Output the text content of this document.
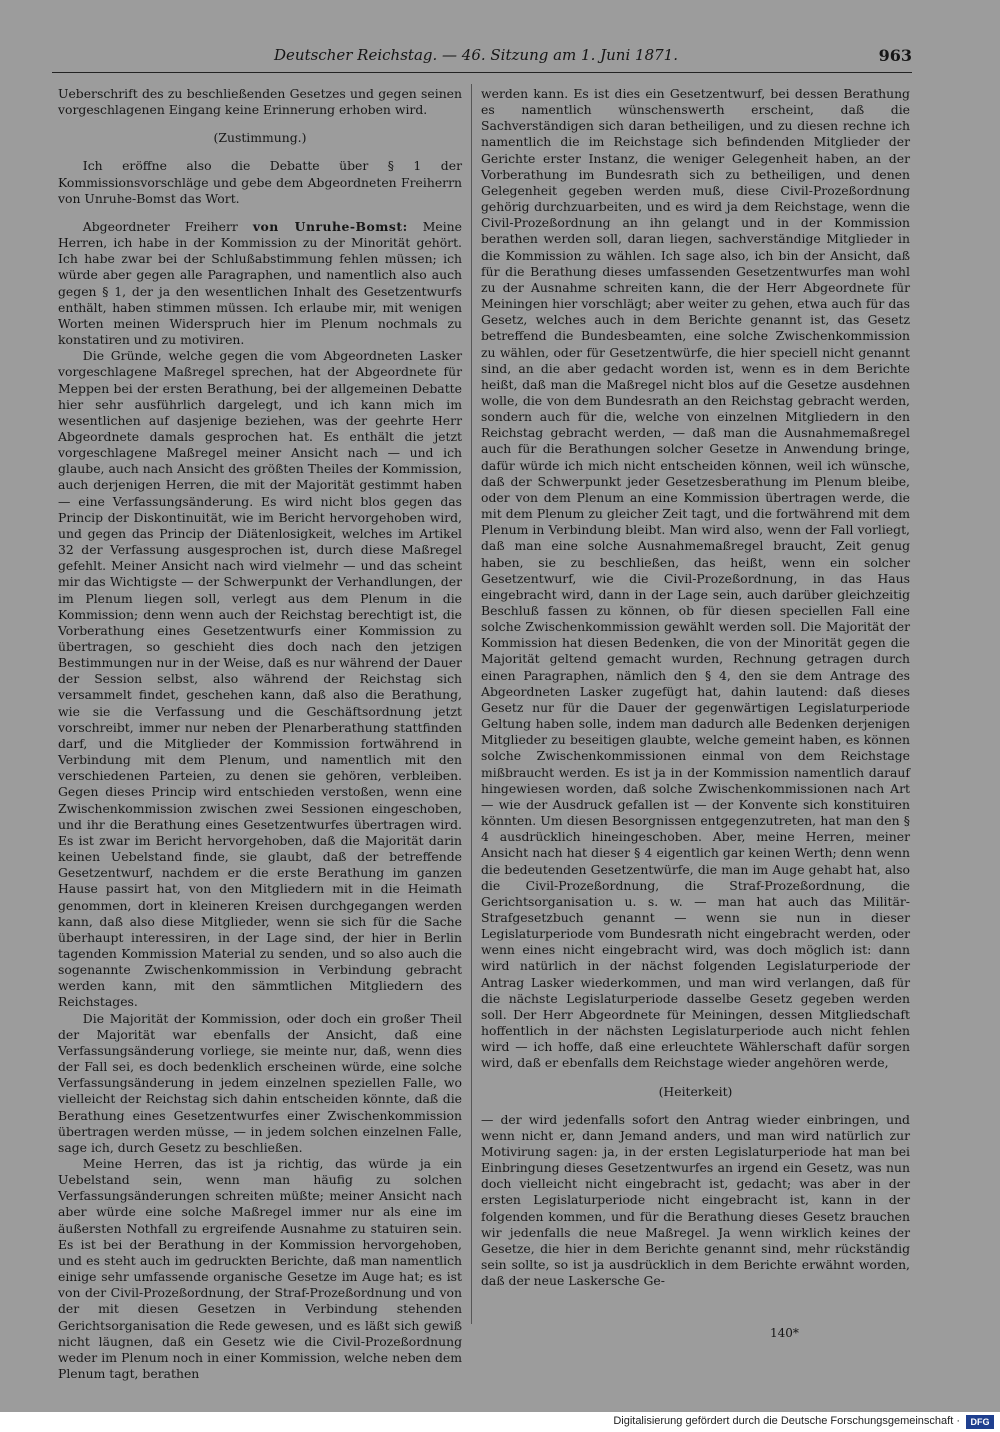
Deutscher Reichstag. — 46. Sitzung am 1. Juni 1871.	963

Ueberschrift des zu beschließenden Gesetzes und gegen seinen vorgeschlagenen Eingang keine Erinnerung erhoben wird.

(Zustimmung.)

Ich eröffne also die Debatte über § 1 der Kommissionsvorschläge und gebe dem Abgeordneten Freiherrn von Unruhe-Bomst das Wort.

Abgeordneter Freiherr von Unruhe-Bomst: Meine Herren, ich habe in der Kommission zu der Minorität gehört. Ich habe zwar bei der Schlußabstimmung fehlen müssen; ich würde aber gegen alle Paragraphen, und namentlich also auch gegen § 1, der ja den wesentlichen Inhalt des Gesetzentwurfs enthält, haben stimmen müssen. Ich erlaube mir, mit wenigen Worten meinen Widerspruch hier im Plenum nochmals zu konstatiren und zu motiviren.

Die Gründe, welche gegen die vom Abgeordneten Lasker vorgeschlagene Maßregel sprechen, hat der Abgeordnete für Meppen bei der ersten Berathung, bei der allgemeinen Debatte hier sehr ausführlich dargelegt, und ich kann mich im wesentlichen auf dasjenige beziehen, was der geehrte Herr Abgeordnete damals gesprochen hat. Es enthält die jetzt vorgeschlagene Maßregel meiner Ansicht nach — und ich glaube, auch nach Ansicht des größten Theiles der Kommission, auch derjenigen Herren, die mit der Majorität gestimmt haben — eine Verfassungsänderung. Es wird nicht blos gegen das Princip der Diskontinuität, wie im Bericht hervorgehoben wird, und gegen das Princip der Diätenlosigkeit, welches im Artikel 32 der Verfassung ausgesprochen ist, durch diese Maßregel gefehlt. Meiner Ansicht nach wird vielmehr — und das scheint mir das Wichtigste — der Schwerpunkt der Verhandlungen, der im Plenum liegen soll, verlegt aus dem Plenum in die Kommission; denn wenn auch der Reichstag berechtigt ist, die Vorberathung eines Gesetzentwurfs einer Kommission zu übertragen, so geschieht dies doch nach den jetzigen Bestimmungen nur in der Weise, daß es nur während der Dauer der Session selbst, also während der Reichstag sich versammelt findet, geschehen kann, daß also die Berathung, wie sie die Verfassung und die Geschäftsordnung jetzt vorschreibt, immer nur neben der Plenarberathung stattfinden darf, und die Mitglieder der Kommission fortwährend in Verbindung mit dem Plenum, und namentlich mit den verschiedenen Parteien, zu denen sie gehören, verbleiben. Gegen dieses Princip wird entschieden verstoßen, wenn eine Zwischenkommission zwischen zwei Sessionen eingeschoben, und ihr die Berathung eines Gesetzentwurfes übertragen wird. Es ist zwar im Bericht hervorgehoben, daß die Majorität darin keinen Uebelstand finde, sie glaubt, daß der betreffende Gesetzentwurf, nachdem er die erste Berathung im ganzen Hause passirt hat, von den Mitgliedern mit in die Heimath genommen, dort in kleineren Kreisen durchgegangen werden kann, daß also diese Mitglieder, wenn sie sich für die Sache überhaupt interessiren, in der Lage sind, der hier in Berlin tagenden Kommission Material zu senden, und so also auch die sogenannte Zwischenkommission in Verbindung gebracht werden kann, mit den sämmtlichen Mitgliedern des Reichstages.

Die Majorität der Kommission, oder doch ein großer Theil der Majorität war ebenfalls der Ansicht, daß eine Verfassungsänderung vorliege, sie meinte nur, daß, wenn dies der Fall sei, es doch bedenklich erscheinen würde, eine solche Verfassungsänderung in jedem einzelnen speziellen Falle, wo vielleicht der Reichstag sich dahin entscheiden könnte, daß die Berathung eines Gesetzentwurfes einer Zwischenkommission übertragen werden müsse, — in jedem solchen einzelnen Falle, sage ich, durch Gesetz zu beschließen.

Meine Herren, das ist ja richtig, das würde ja ein Uebelstand sein, wenn man häufig zu solchen Verfassungsänderungen schreiten müßte; meiner Ansicht nach aber würde eine solche Maßregel immer nur als eine im äußersten Nothfall zu ergreifende Ausnahme zu statuiren sein. Es ist bei der Berathung in der Kommission hervorgehoben, und es steht auch im gedruckten Berichte, daß man namentlich einige sehr umfassende organische Gesetze im Auge hat; es ist von der Civil-Prozeßordnung, der Straf-Prozeßordnung und von der mit diesen Gesetzen in Verbindung stehenden Gerichtsorganisation die Rede gewesen, und es läßt sich gewiß nicht läugnen, daß ein Gesetz wie die Civil-Prozeßordnung weder im Plenum noch in einer Kommission, welche neben dem Plenum tagt, berathen

werden kann. Es ist dies ein Gesetzentwurf, bei dessen Berathung es namentlich wünschenswerth erscheint, daß die Sachverständigen sich daran betheiligen, und zu diesen rechne ich namentlich die im Reichstage sich befindenden Mitglieder der Gerichte erster Instanz, die weniger Gelegenheit haben, an der Vorberathung im Bundesrath sich zu betheiligen, und denen Gelegenheit gegeben werden muß, diese Civil-Prozeßordnung gehörig durchzuarbeiten, und es wird ja dem Reichstage, wenn die Civil-Prozeßordnung an ihn gelangt und in der Kommission berathen werden soll, daran liegen, sachverständige Mitglieder in die Kommission zu wählen. Ich sage also, ich bin der Ansicht, daß für die Berathung dieses umfassenden Gesetzentwurfes man wohl zu der Ausnahme schreiten kann, die der Herr Abgeordnete für Meiningen hier vorschlägt; aber weiter zu gehen, etwa auch für das Gesetz, welches auch in dem Berichte genannt ist, das Gesetz betreffend die Bundesbeamten, eine solche Zwischenkommission zu wählen, oder für Gesetzentwürfe, die hier speciell nicht genannt sind, an die aber gedacht worden ist, wenn es in dem Berichte heißt, daß man die Maßregel nicht blos auf die Gesetze ausdehnen wolle, die von dem Bundesrath an den Reichstag gebracht werden, sondern auch für die, welche von einzelnen Mitgliedern in den Reichstag gebracht werden, — daß man die Ausnahmemaßregel auch für die Berathungen solcher Gesetze in Anwendung bringe, dafür würde ich mich nicht entscheiden können, weil ich wünsche, daß der Schwerpunkt jeder Gesetzesberathung im Plenum bleibe, oder von dem Plenum an eine Kommission übertragen werde, die mit dem Plenum zu gleicher Zeit tagt, und die fortwährend mit dem Plenum in Verbindung bleibt. Man wird also, wenn der Fall vorliegt, daß man eine solche Ausnahmemaßregel braucht, Zeit genug haben, sie zu beschließen, das heißt, wenn ein solcher Gesetzentwurf, wie die Civil-Prozeßordnung, in das Haus eingebracht wird, dann in der Lage sein, auch darüber gleichzeitig Beschluß fassen zu können, ob für diesen speciellen Fall eine solche Zwischenkommission gewählt werden soll. Die Majorität der Kommission hat diesen Bedenken, die von der Minorität gegen die Majorität geltend gemacht wurden, Rechnung getragen durch einen Paragraphen, nämlich den § 4, den sie dem Antrage des Abgeordneten Lasker zugefügt hat, dahin lautend: daß dieses Gesetz nur für die Dauer der gegenwärtigen Legislaturperiode Geltung haben solle, indem man dadurch alle Bedenken derjenigen Mitglieder zu beseitigen glaubte, welche gemeint haben, es können solche Zwischenkommissionen einmal von dem Reichstage mißbraucht werden. Es ist ja in der Kommission namentlich darauf hingewiesen worden, daß solche Zwischenkommissionen nach Art — wie der Ausdruck gefallen ist — der Konvente sich konstituiren könnten. Um diesen Besorgnissen entgegenzutreten, hat man den § 4 ausdrücklich hineingeschoben. Aber, meine Herren, meiner Ansicht nach hat dieser § 4 eigentlich gar keinen Werth; denn wenn die bedeutenden Gesetzentwürfe, die man im Auge gehabt hat, also die Civil-Prozeßordnung, die Straf-Prozeßordnung, die Gerichtsorganisation u. s. w. — man hat auch das Militär-Strafgesetzbuch genannt — wenn sie nun in dieser Legislaturperiode vom Bundesrath nicht eingebracht werden, oder wenn eines nicht eingebracht wird, was doch möglich ist: dann wird natürlich in der nächst folgenden Legislaturperiode der Antrag Lasker wiederkommen, und man wird verlangen, daß für die nächste Legislaturperiode dasselbe Gesetz gegeben werden soll. Der Herr Abgeordnete für Meiningen, dessen Mitgliedschaft hoffentlich in der nächsten Legislaturperiode auch nicht fehlen wird — ich hoffe, daß eine erleuchtete Wählerschaft dafür sorgen wird, daß er ebenfalls dem Reichstage wieder angehören werde,

(Heiterkeit)

— der wird jedenfalls sofort den Antrag wieder einbringen, und wenn nicht er, dann Jemand anders, und man wird natürlich zur Motivirung sagen: ja, in der ersten Legislaturperiode hat man bei Einbringung dieses Gesetzentwurfes an irgend ein Gesetz, was nun doch vielleicht nicht eingebracht ist, gedacht; was aber in der ersten Legislaturperiode nicht eingebracht ist, kann in der folgenden kommen, und für die Berathung dieses Gesetz brauchen wir jedenfalls die neue Maßregel. Ja wenn wirklich keines der Gesetze, die hier in dem Berichte genannt sind, mehr rückständig sein sollte, so ist ja ausdrücklich in dem Berichte erwähnt worden, daß der neue Laskersche Ge-

140*
Digitalisierung gefördert durch die Deutsche Forschungsgemeinschaft ·	DFG
